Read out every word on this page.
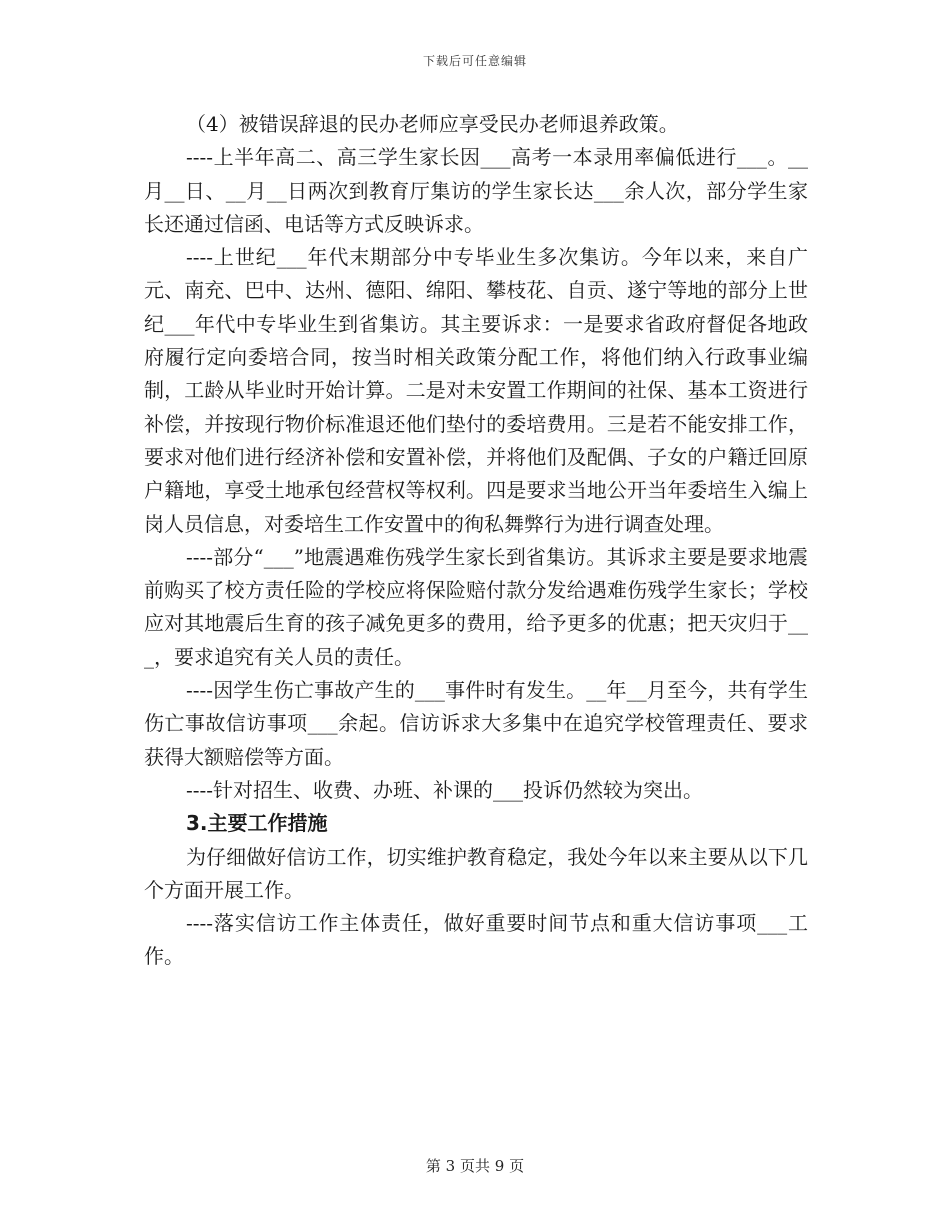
下载后可任意编辑

（4）被错误辞退的民办老师应享受民办老师退养政策。

----上半年高二、高三学生家长因___高考一本录用率偏低进行___。__月__日、__月__日两次到教育厅集访的学生家长达___余人次，部分学生家长还通过信函、电话等方式反映诉求。

----上世纪___年代末期部分中专毕业生多次集访。今年以来，来自广元、南充、巴中、达州、德阳、绵阳、攀枝花、自贡、遂宁等地的部分上世纪___年代中专毕业生到省集访。其主要诉求：一是要求省政府督促各地政府履行定向委培合同，按当时相关政策分配工作，将他们纳入行政事业编制，工龄从毕业时开始计算。二是对未安置工作期间的社保、基本工资进行补偿，并按现行物价标准退还他们垫付的委培费用。三是若不能安排工作，要求对他们进行经济补偿和安置补偿，并将他们及配偶、子女的户籍迁回原户籍地，享受土地承包经营权等权利。四是要求当地公开当年委培生入编上岗人员信息，对委培生工作安置中的徇私舞弊行为进行调查处理。

----部分“___”地震遇难伤残学生家长到省集访。其诉求主要是要求地震前购买了校方责任险的学校应将保险赔付款分发给遇难伤残学生家长；学校应对其地震后生育的孩子减免更多的费用，给予更多的优惠；把天灾归于___，要求追究有关人员的责任。

----因学生伤亡事故产生的___事件时有发生。__年__月至今，共有学生伤亡事故信访事项___余起。信访诉求大多集中在追究学校管理责任、要求获得大额赔偿等方面。

----针对招生、收费、办班、补课的___投诉仍然较为突出。

3.主要工作措施

为仔细做好信访工作，切实维护教育稳定，我处今年以来主要从以下几个方面开展工作。

----落实信访工作主体责任，做好重要时间节点和重大信访事项___工作。

第 3 页共 9 页
